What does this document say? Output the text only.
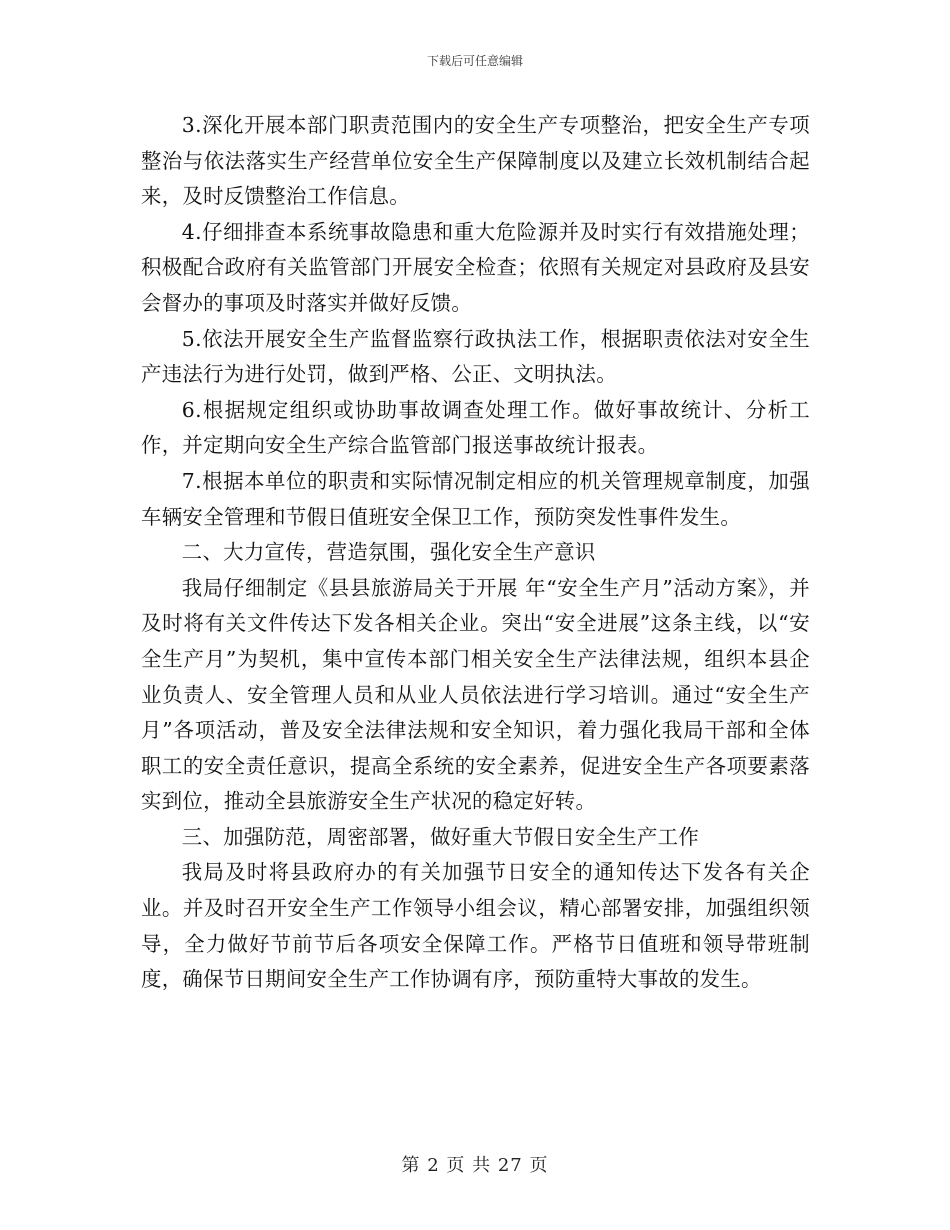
下载后可任意编辑

3.深化开展本部门职责范围内的安全生产专项整治，把安全生产专项整治与依法落实生产经营单位安全生产保障制度以及建立长效机制结合起来，及时反馈整治工作信息。

4.仔细排查本系统事故隐患和重大危险源并及时实行有效措施处理；积极配合政府有关监管部门开展安全检查；依照有关规定对县政府及县安会督办的事项及时落实并做好反馈。

5.依法开展安全生产监督监察行政执法工作，根据职责依法对安全生产违法行为进行处罚，做到严格、公正、文明执法。

6.根据规定组织或协助事故调查处理工作。做好事故统计、分析工作，并定期向安全生产综合监管部门报送事故统计报表。

7.根据本单位的职责和实际情况制定相应的机关管理规章制度，加强车辆安全管理和节假日值班安全保卫工作，预防突发性事件发生。

二、大力宣传，营造氛围，强化安全生产意识

我局仔细制定《县县旅游局关于开展 年“安全生产月”活动方案》，并及时将有关文件传达下发各相关企业。突出“安全进展”这条主线，以“安全生产月”为契机，集中宣传本部门相关安全生产法律法规，组织本县企业负责人、安全管理人员和从业人员依法进行学习培训。通过“安全生产月”各项活动，普及安全法律法规和安全知识，着力强化我局干部和全体职工的安全责任意识，提高全系统的安全素养，促进安全生产各项要素落实到位，推动全县旅游安全生产状况的稳定好转。

三、加强防范，周密部署，做好重大节假日安全生产工作

我局及时将县政府办的有关加强节日安全的通知传达下发各有关企业。并及时召开安全生产工作领导小组会议，精心部署安排，加强组织领导，全力做好节前节后各项安全保障工作。严格节日值班和领导带班制度，确保节日期间安全生产工作协调有序，预防重特大事故的发生。

第 2 页 共 27 页
